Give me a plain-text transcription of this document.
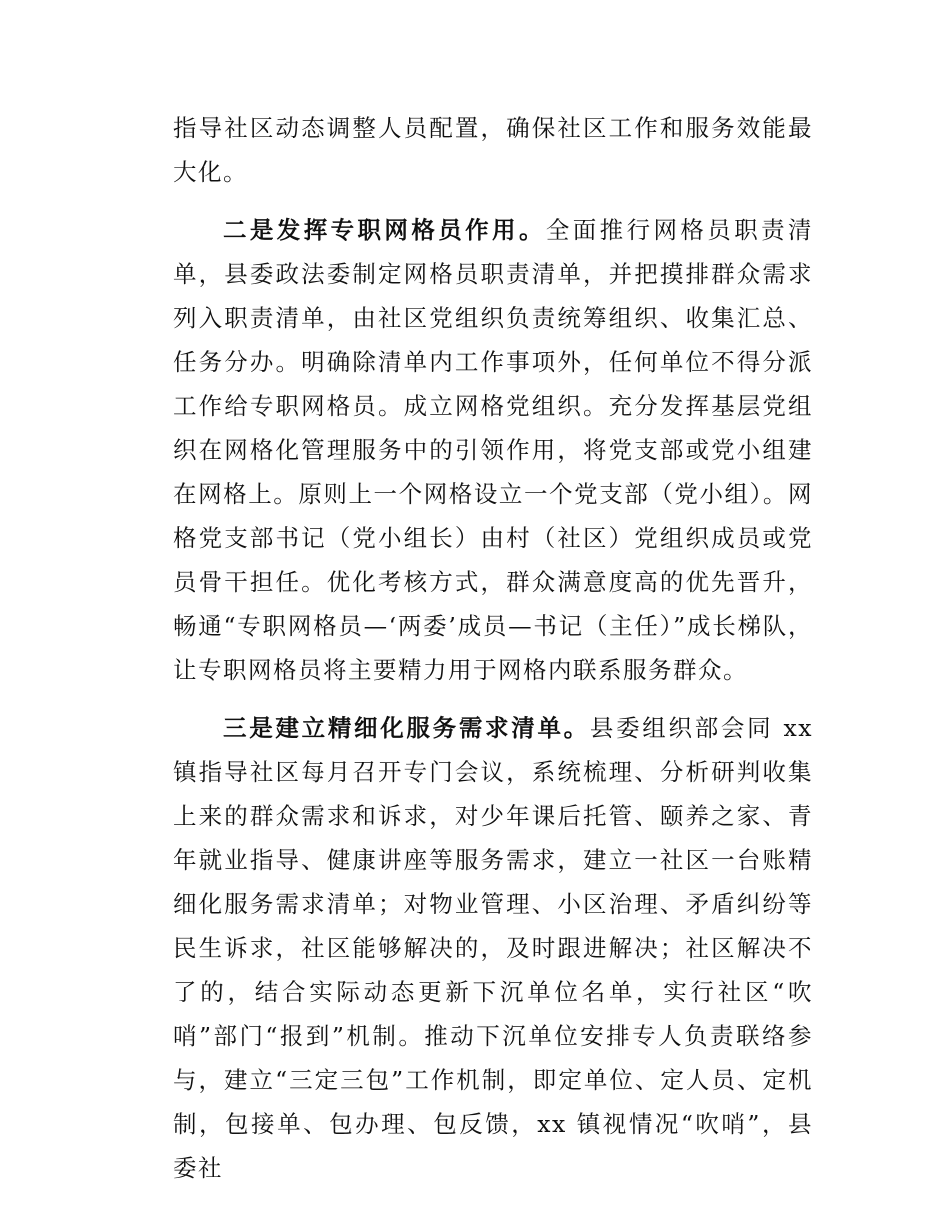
指导社区动态调整人员配置，确保社区工作和服务效能最大化。

二是发挥专职网格员作用。全面推行网格员职责清单，县委政法委制定网格员职责清单，并把摸排群众需求列入职责清单，由社区党组织负责统筹组织、收集汇总、任务分办。明确除清单内工作事项外，任何单位不得分派工作给专职网格员。成立网格党组织。充分发挥基层党组织在网格化管理服务中的引领作用，将党支部或党小组建在网格上。原则上一个网格设立一个党支部（党小组）。网格党支部书记（党小组长）由村（社区）党组织成员或党员骨干担任。优化考核方式，群众满意度高的优先晋升，畅通“专职网格员—‘两委’成员—书记（主任）”成长梯队，让专职网格员将主要精力用于网格内联系服务群众。

三是建立精细化服务需求清单。县委组织部会同 xx 镇指导社区每月召开专门会议，系统梳理、分析研判收集上来的群众需求和诉求，对少年课后托管、颐养之家、青年就业指导、健康讲座等服务需求，建立一社区一台账精细化服务需求清单；对物业管理、小区治理、矛盾纠纷等民生诉求，社区能够解决的，及时跟进解决；社区解决不了的，结合实际动态更新下沉单位名单，实行社区“吹哨”部门“报到”机制。推动下沉单位安排专人负责联络参与，建立“三定三包”工作机制，即定单位、定人员、定机制，包接单、包办理、包反馈，xx 镇视情况“吹哨”，县委社
